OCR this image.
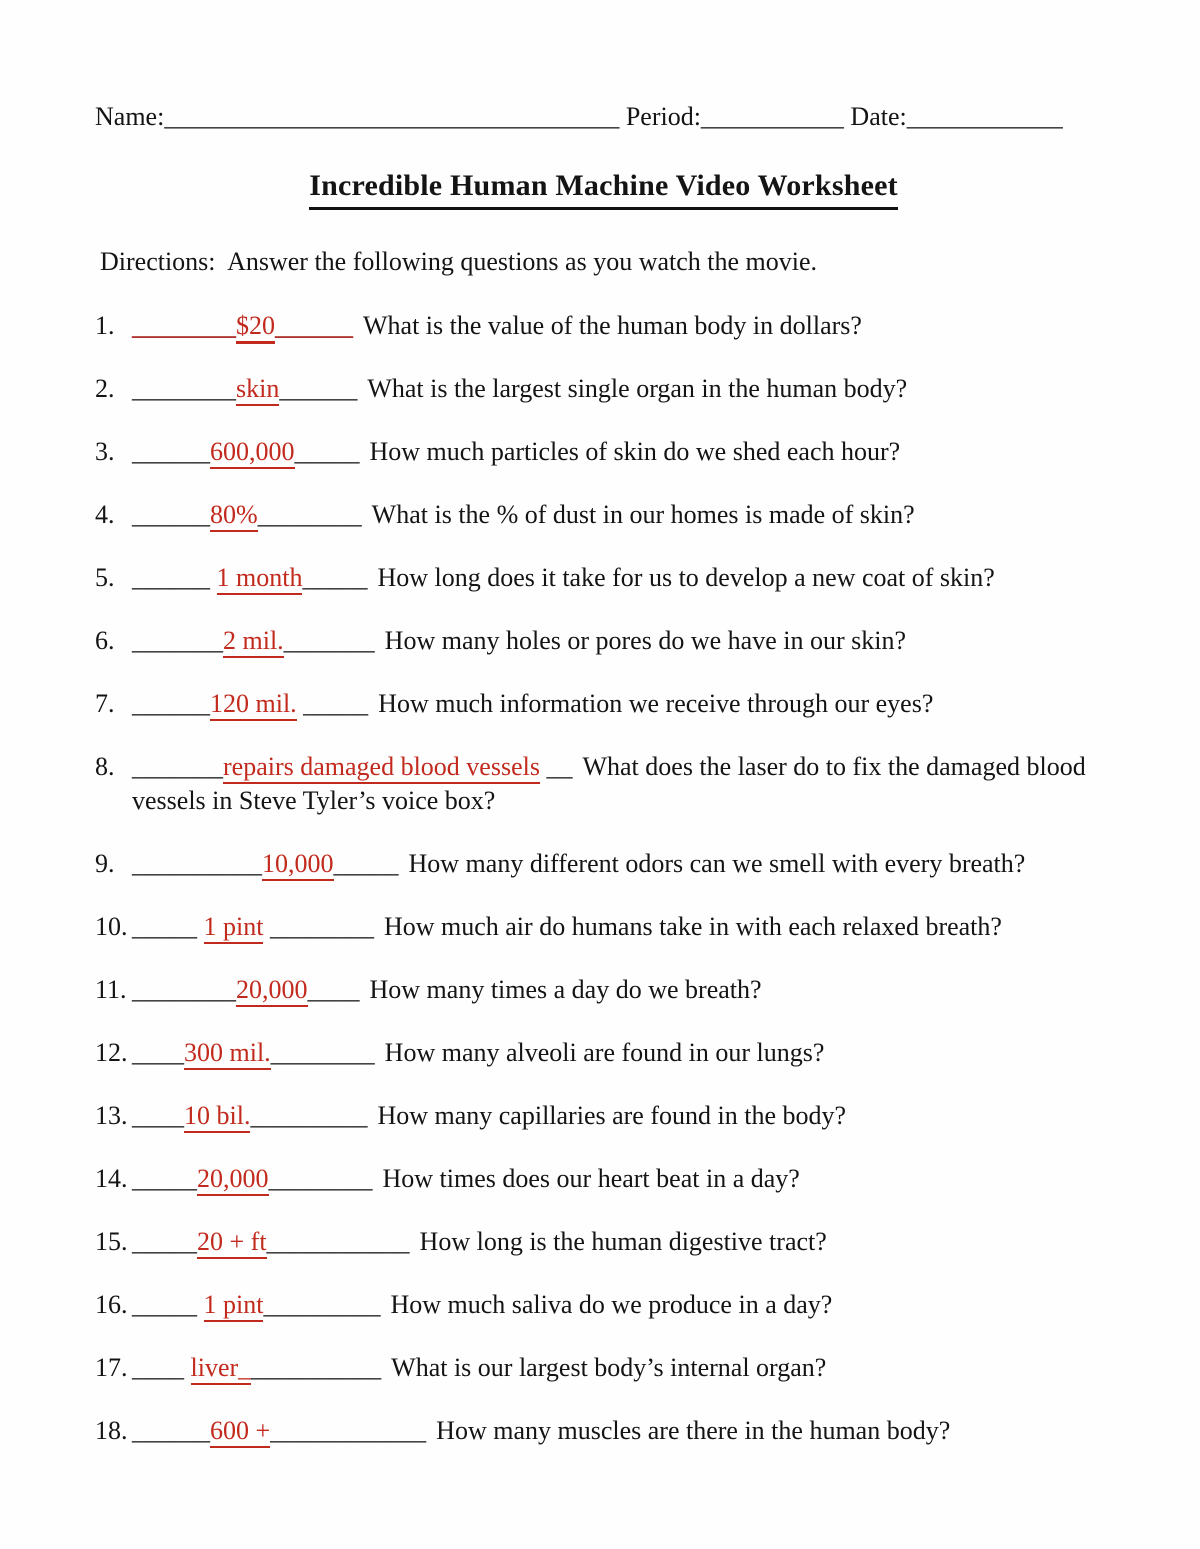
Name:___________________________________ Period:___________ Date:____________
Incredible Human Machine Video Worksheet
Directions:  Answer the following questions as you watch the movie.
1. ________$20______ What is the value of the human body in dollars?
2. ________skin______ What is the largest single organ in the human body?
3. ______600,000_____ How much particles of skin do we shed each hour?
4. ______80%________ What is the % of dust in our homes is made of skin?
5. ______ 1 month_____ How long does it take for us to develop a new coat of skin?
6. _______2 mil._______ How many holes or pores do we have in our skin?
7. ______120 mil. _____ How much information we receive through our eyes?
8. _______repairs damaged blood vessels __ What does the laser do to fix the damaged blood vessels in Steve Tyler’s voice box?
9. __________10,000_____ How many different odors can we smell with every breath?
10. _____ 1 pint ________ How much air do humans take in with each relaxed breath?
11. ________20,000____ How many times a day do we breath?
12. ____300 mil.________ How many alveoli are found in our lungs?
13. ____10 bil._________ How many capillaries are found in the body?
14. _____20,000________ How times does our heart beat in a day?
15. _____20 + ft___________ How long is the human digestive tract?
16. _____ 1 pint_________ How much saliva do we produce in a day?
17. ____ liver___________ What is our largest body’s internal organ?
18. ______600 +____________ How many muscles are there in the human body?
